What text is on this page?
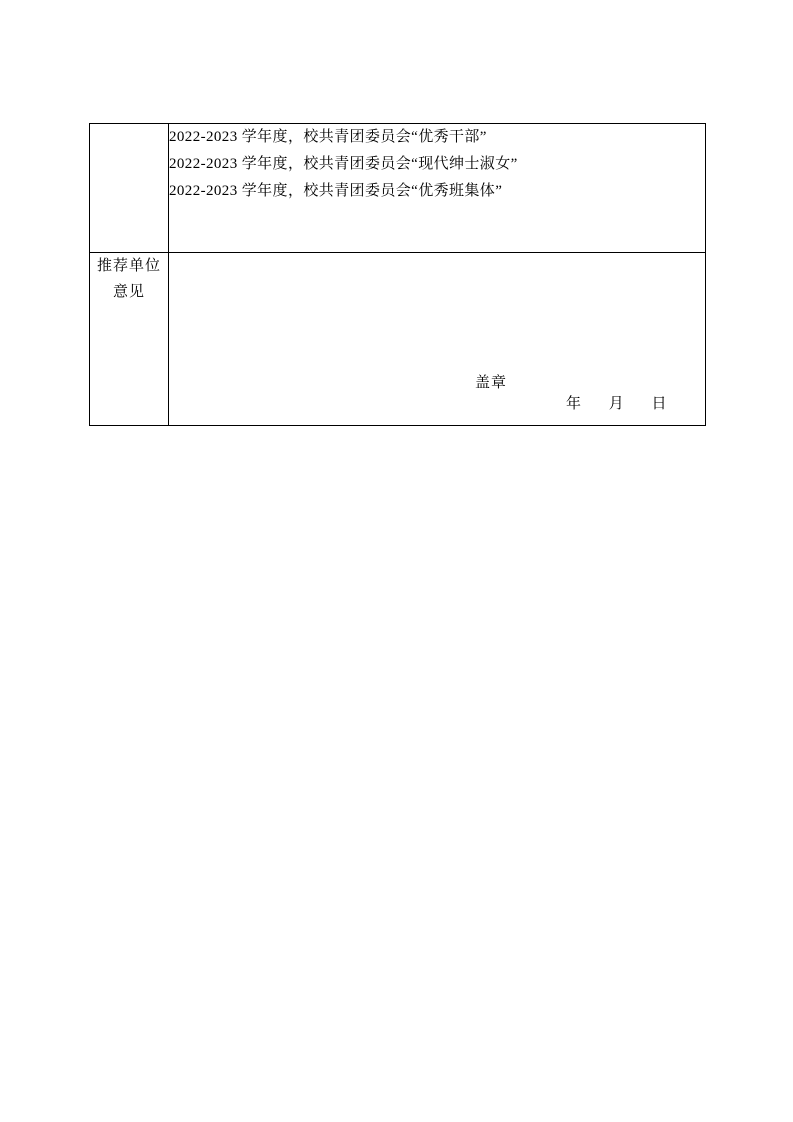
	2022-2023 学年度，校共青团委员会“优秀干部”
2022-2023 学年度，校共青团委员会“现代绅士淑女”
2022-2023 学年度，校共青团委员会“优秀班集体”

推荐单位
意见	盖章 年 月 日
